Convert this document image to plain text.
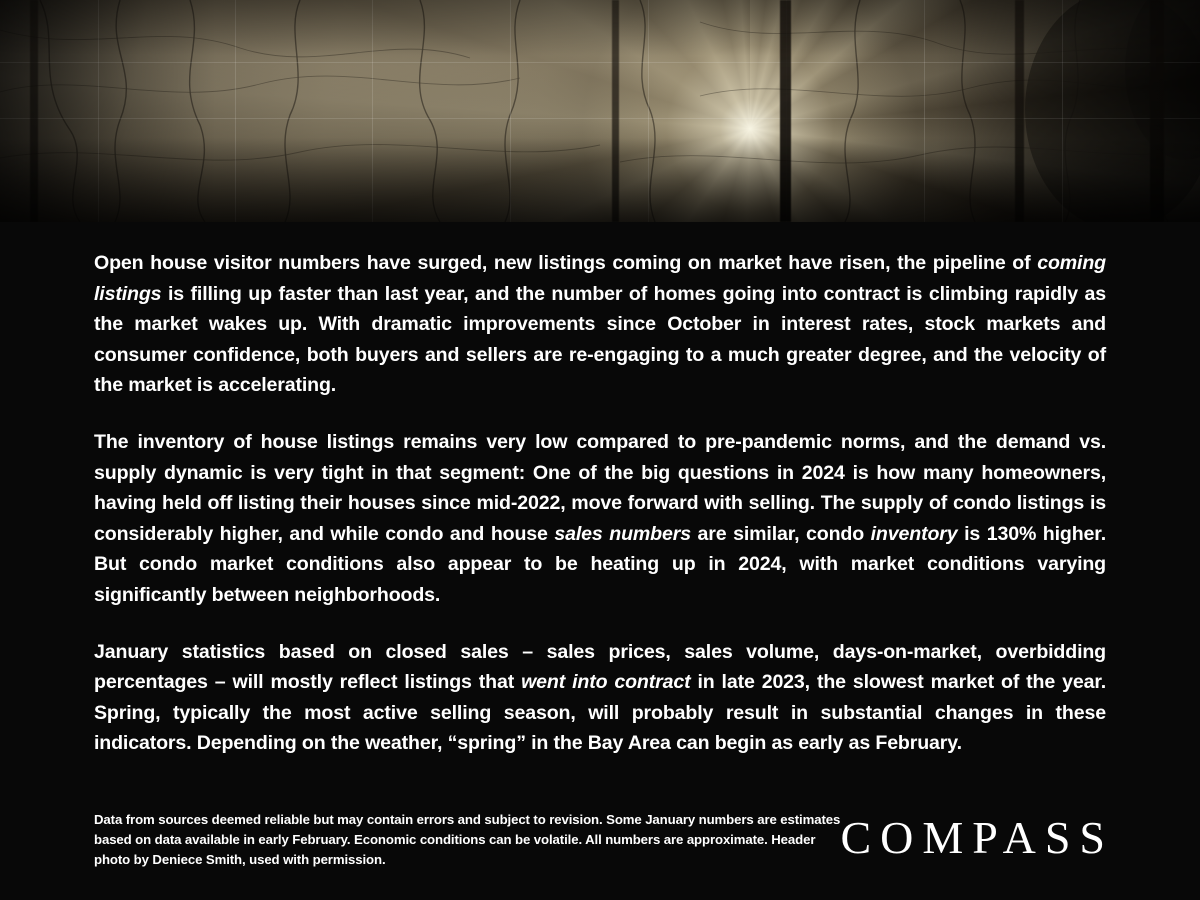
Open house visitor numbers have surged, new listings coming on market have risen, the pipeline of coming listings is filling up faster than last year, and the number of homes going into contract is climbing rapidly as the market wakes up. With dramatic improvements since October in interest rates, stock markets and consumer confidence, both buyers and sellers are re-engaging to a much greater degree, and the velocity of the market is accelerating.

The inventory of house listings remains very low compared to pre-pandemic norms, and the demand vs. supply dynamic is very tight in that segment: One of the big questions in 2024 is how many homeowners, having held off listing their houses since mid-2022, move forward with selling. The supply of condo listings is considerably higher, and while condo and house sales numbers are similar, condo inventory is 130% higher. But condo market conditions also appear to be heating up in 2024, with market conditions varying significantly between neighborhoods.

January statistics based on closed sales – sales prices, sales volume, days-on-market, overbidding percentages – will mostly reflect listings that went into contract in late 2023, the slowest market of the year. Spring, typically the most active selling season, will probably result in substantial changes in these indicators. Depending on the weather, “spring” in the Bay Area can begin as early as February.

Data from sources deemed reliable but may contain errors and subject to revision. Some January numbers are estimates based on data available in early February. Economic conditions can be volatile. All numbers are approximate. Header photo by Deniece Smith, used with permission.	COMPASS
